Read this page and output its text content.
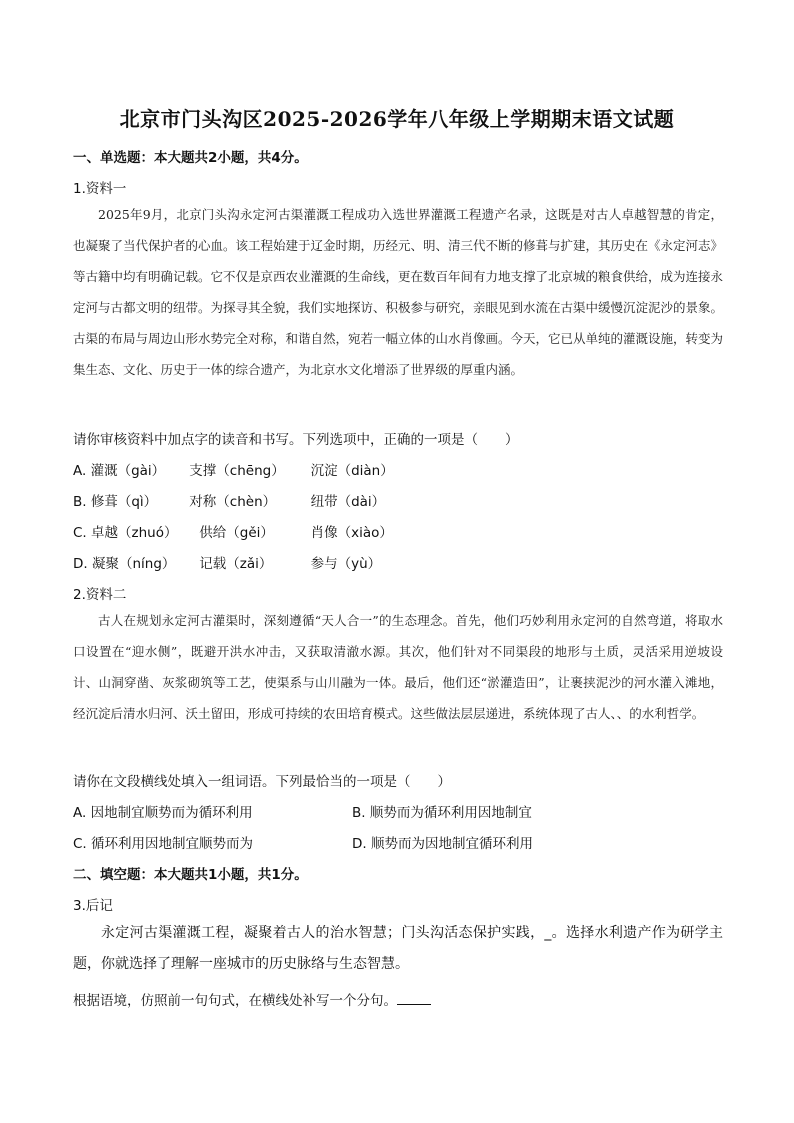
北京市门头沟区2025-2026学年八年级上学期期末语文试题
一、单选题：本大题共2小题，共4分。
1.资料一

2025年9月，北京门头沟永定河古渠灌溉工程成功入选世界灌溉工程遗产名录，这既是对古人卓越智慧的肯定，也凝聚了当代保护者的心血。该工程始建于辽金时期，历经元、明、清三代不断的修葺与扩建，其历史在《永定河志》等古籍中均有明确记载。它不仅是京西农业灌溉的生命线，更在数百年间有力地支撑了北京城的粮食供给，成为连接永定河与古都文明的纽带。为探寻其全貌，我们实地探访、积极参与研究，亲眼见到水流在古渠中缓慢沉淀泥沙的景象。古渠的布局与周边山形水势完全对称，和谐自然，宛若一幅立体的山水肖像画。今天，它已从单纯的灌溉设施，转变为集生态、文化、历史于一体的综合遗产，为北京水文化增添了世界级的厚重内涵。

请你审核资料中加点字的读音和书写。下列选项中，正确的一项是（　　）
A. 灌溉（gài） 支撑（chēng） 沉淀（diàn）
B. 修葺（qì） 对称（chèn）	纽带（dài）
C. 卓越（zhuó） 供给（gěi）	肖像（xiào）
D. 凝聚（níng） 记载（zǎi）	参与（yù）
2.资料二

古人在规划永定河古灌渠时，深刻遵循“天人合一”的生态理念。首先，他们巧妙利用永定河的自然弯道，将取水口设置在“迎水侧”，既避开洪水冲击，又获取清澈水源。其次，他们针对不同渠段的地形与土质，灵活采用逆坡设计、山洞穿凿、灰浆砌筑等工艺，使渠系与山川融为一体。最后，他们还“淤灌造田”，让裹挟泥沙的河水灌入滩地，经沉淀后清水归河、沃土留田，形成可持续的农田培育模式。这些做法层层递进，系统体现了古人、、的水利哲学。

请你在文段横线处填入一组词语。下列最恰当的一项是（　　）
A. 因地制宜顺势而为循环利用	B. 顺势而为循环利用因地制宜
C. 循环利用因地制宜顺势而为	D. 顺势而为因地制宜循环利用
二、填空题：本大题共1小题，共1分。
3.后记

永定河古渠灌溉工程，凝聚着古人的治水智慧；门头沟活态保护实践，_。选择水利遗产作为研学主题，你就选择了理解一座城市的历史脉络与生态智慧。

根据语境，仿照前一句句式，在横线处补写一个分句。
